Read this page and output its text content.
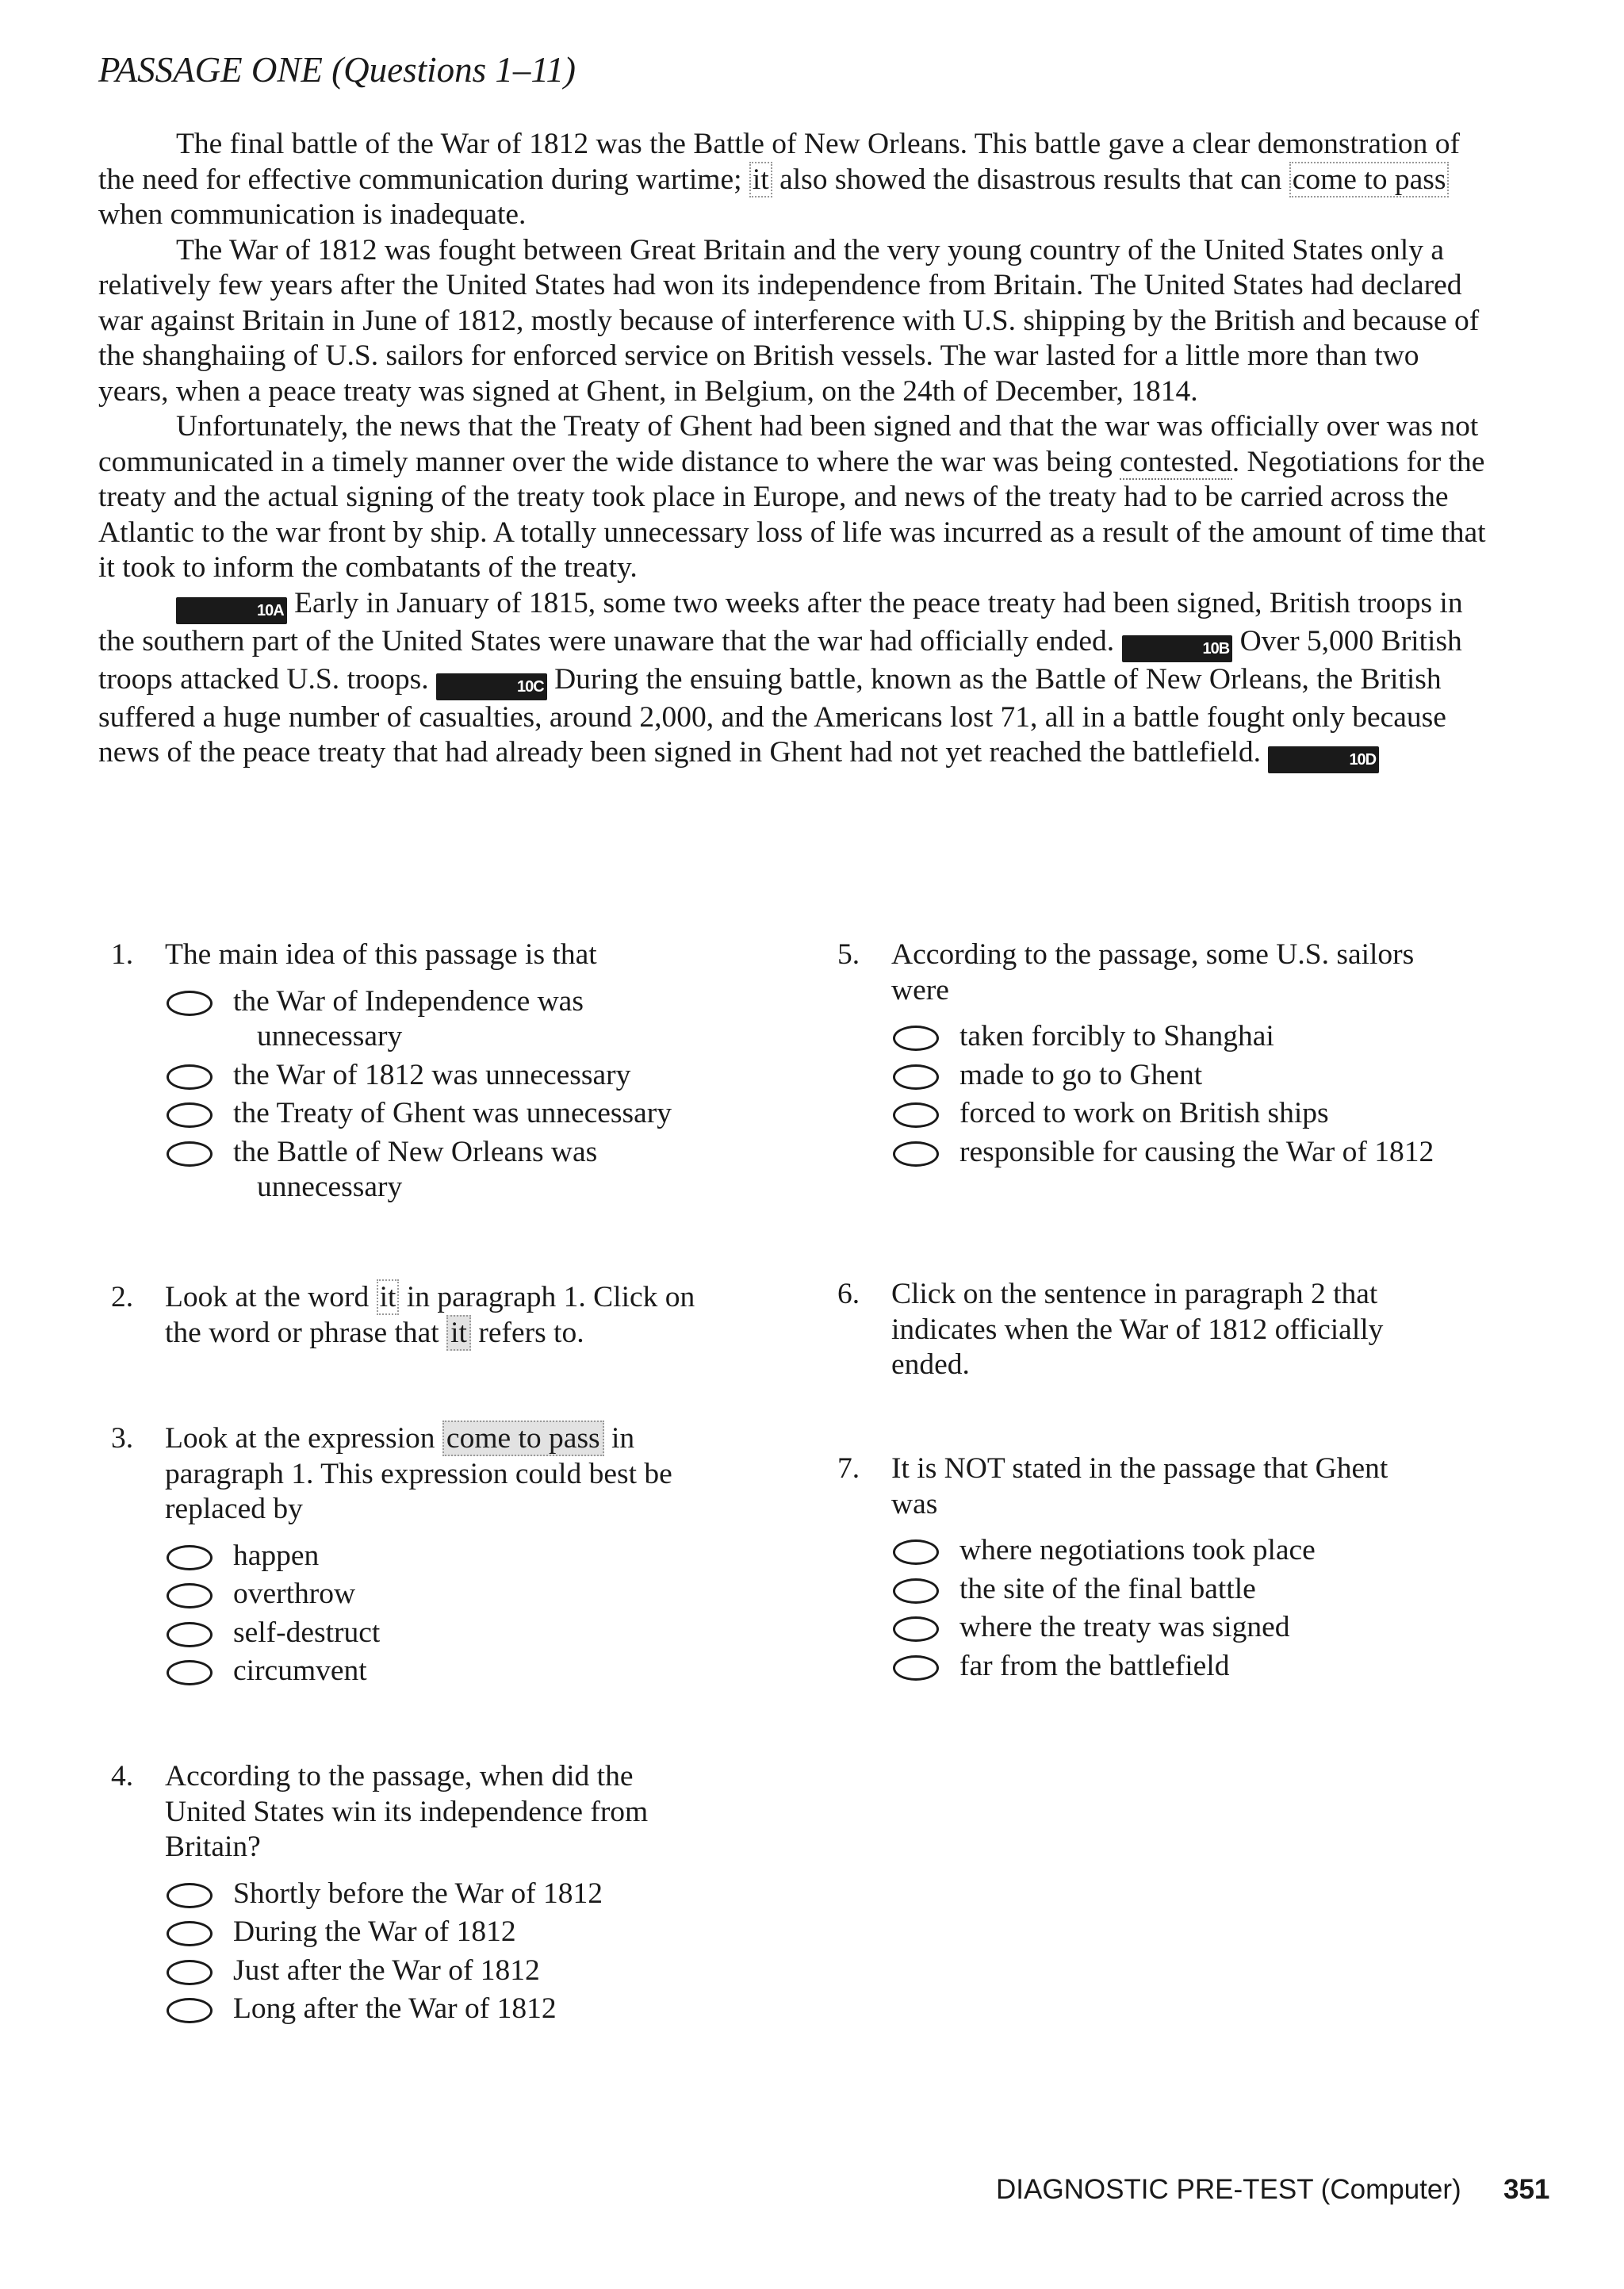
PASSAGE ONE (Questions 1–11)

The final battle of the War of 1812 was the Battle of New Orleans. This battle gave a clear demonstration of the need for effective communication during wartime; it also showed the disastrous results that can come to pass when communication is inadequate.

The War of 1812 was fought between Great Britain and the very young country of the United States only a relatively few years after the United States had won its independence from Britain. The United States had declared war against Britain in June of 1812, mostly because of interference with U.S. shipping by the British and because of the shanghaiing of U.S. sailors for enforced service on British vessels. The war lasted for a little more than two years, when a peace treaty was signed at Ghent, in Belgium, on the 24th of December, 1814.

Unfortunately, the news that the Treaty of Ghent had been signed and that the war was officially over was not communicated in a timely manner over the wide distance to where the war was being contested. Negotiations for the treaty and the actual signing of the treaty took place in Europe, and news of the treaty had to be carried across the Atlantic to the war front by ship. A totally unnecessary loss of life was incurred as a result of the amount of time that it took to inform the combatants of the treaty.

10A Early in January of 1815, some two weeks after the peace treaty had been signed, British troops in the southern part of the United States were unaware that the war had officially ended.	10B Over 5,000 British troops attacked U.S. troops.	10C During the ensuing battle, known as the Battle of New Orleans, the British suffered a huge number of casualties, around 2,000, and the Americans lost 71, all in a battle fought only because news of the peace treaty that had already been signed in Ghent had not yet reached the battlefield.	10D

1. The main idea of this passage is that
the War of Independence was unnecessary
the War of 1812 was unnecessary
the Treaty of Ghent was unnecessary
the Battle of New Orleans was unnecessary
2. Look at the word it in paragraph 1. Click on the word or phrase that it refers to.
3. Look at the expression come to pass in paragraph 1. This expression could best be replaced by
happen
overthrow
self-destruct
circumvent
4. According to the passage, when did the United States win its independence from Britain?
Shortly before the War of 1812
During the War of 1812
Just after the War of 1812
Long after the War of 1812
5. According to the passage, some U.S. sailors were
taken forcibly to Shanghai
made to go to Ghent
forced to work on British ships
responsible for causing the War of 1812
6. Click on the sentence in paragraph 2 that indicates when the War of 1812 officially ended.
7. It is NOT stated in the passage that Ghent was
where negotiations took place
the site of the final battle
where the treaty was signed
far from the battlefield
DIAGNOSTIC PRE-TEST (Computer) 351
